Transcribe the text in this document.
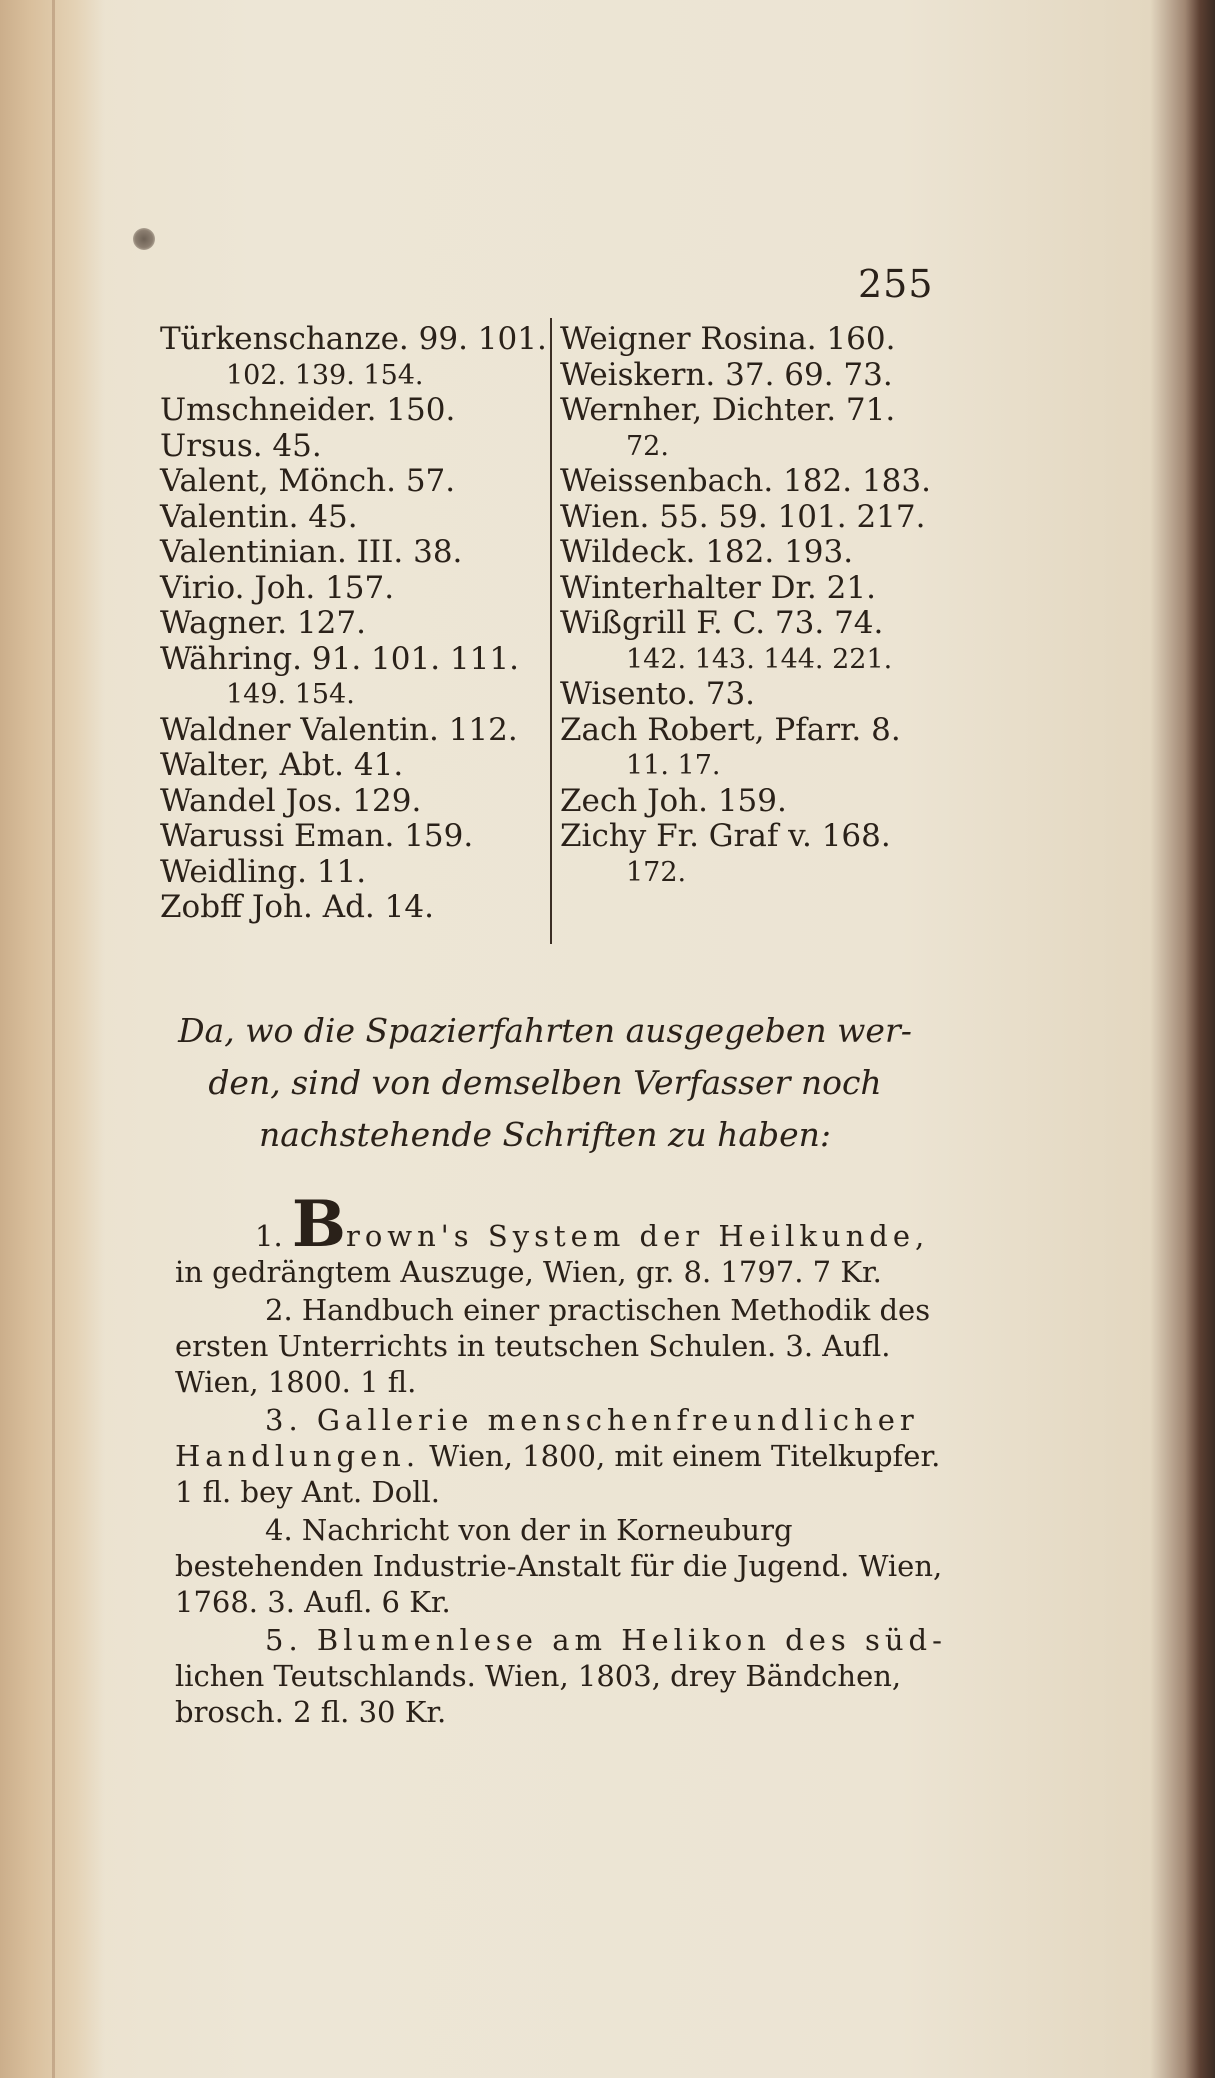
255
Türkenschanze. 99. 101.
102. 139. 154.
Umschneider. 150.
Ursus. 45.
Valent, Mönch. 57.
Valentin. 45.
Valentinian. III. 38.
Virio. Joh. 157.
Wagner. 127.
Währing. 91. 101. 111.
149. 154.
Waldner Valentin. 112.
Walter, Abt. 41.
Wandel Jos. 129.
Warussi Eman. 159.
Weidling. 11.
Zobff Joh. Ad. 14.
Weigner Rosina. 160.
Weiskern. 37. 69. 73.
Wernher, Dichter. 71.
72.
Weissenbach. 182. 183.
Wien. 55. 59. 101. 217.
Wildeck. 182. 193.
Winterhalter Dr. 21.
Wißgrill F. C. 73. 74.
142. 143. 144. 221.
Wisento. 73.
Zach Robert, Pfarr. 8.
11. 17.
Zech Joh. 159.
Zichy Fr. Graf v. 168.
172.
Da, wo die Spazierfahrten ausgegeben wer-
den, sind von demselben Verfasser noch
nachstehende Schriften zu haben:
1. Brown's System der Heilkunde, in gedrängtem Auszuge, Wien, gr. 8. 1797. 7 Kr.
2. Handbuch einer practischen Methodik des ersten Unterrichts in teutschen Schulen. 3. Aufl. Wien, 1800. 1 fl.
3. Gallerie menschenfreundlicher Handlungen. Wien, 1800, mit einem Titelkupfer. 1 fl. bey Ant. Doll.
4. Nachricht von der in Korneuburg bestehenden Industrie-Anstalt für die Jugend. Wien, 1768. 3. Aufl. 6 Kr.
5. Blumenlese am Helikon des süd- lichen Teutschlands. Wien, 1803, drey Bändchen, brosch. 2 fl. 30 Kr.
